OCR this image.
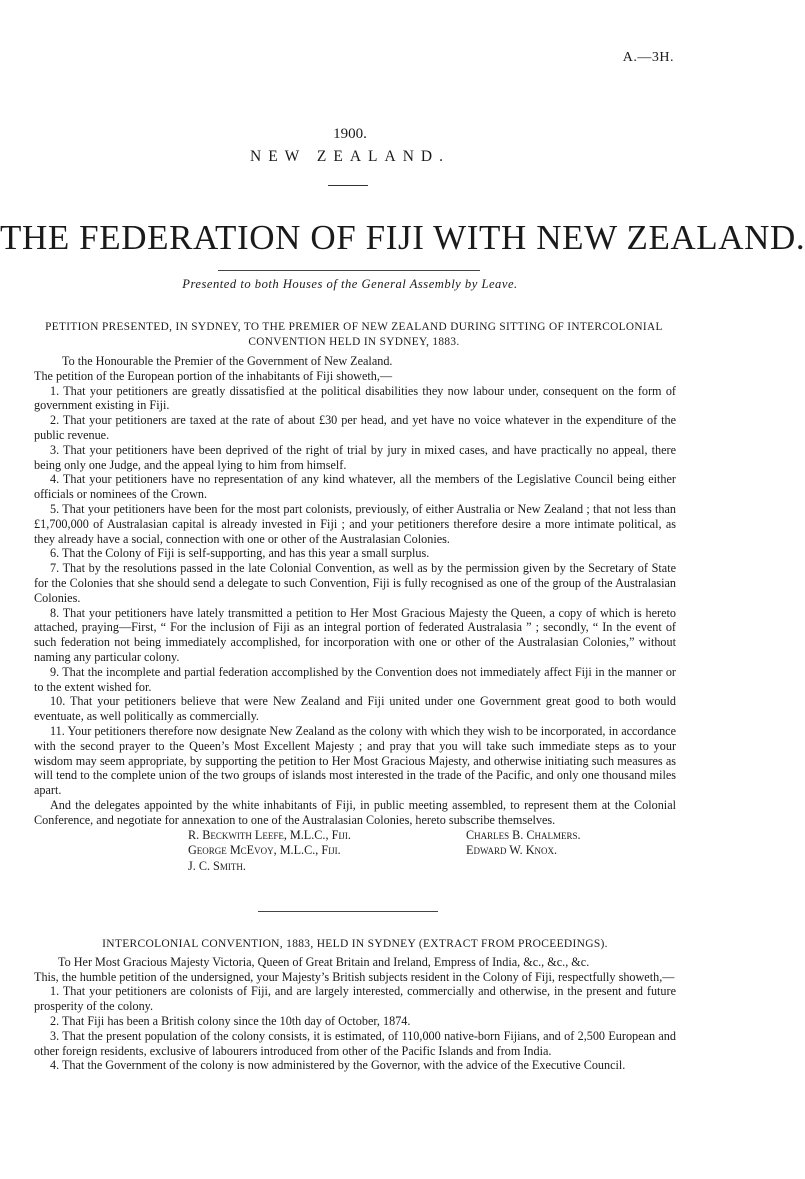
A.—3H.
1900.
NEW ZEALAND.
THE FEDERATION OF FIJI WITH NEW ZEALAND.
Presented to both Houses of the General Assembly by Leave.
PETITION PRESENTED, IN SYDNEY, TO THE PREMIER OF NEW ZEALAND DURING SITTING OF INTERCOLONIAL CONVENTION HELD IN SYDNEY, 1883.

To the Honourable the Premier of the Government of New Zealand.

The petition of the European portion of the inhabitants of Fiji showeth,—

1. That your petitioners are greatly dissatisfied at the political disabilities they now labour under, consequent on the form of government existing in Fiji.

2. That your petitioners are taxed at the rate of about £30 per head, and yet have no voice whatever in the expenditure of the public revenue.

3. That your petitioners have been deprived of the right of trial by jury in mixed cases, and have practically no appeal, there being only one Judge, and the appeal lying to him from himself.

4. That your petitioners have no representation of any kind whatever, all the members of the Legislative Council being either officials or nominees of the Crown.

5. That your petitioners have been for the most part colonists, previously, of either Australia or New Zealand ; that not less than £1,700,000 of Australasian capital is already invested in Fiji ; and your petitioners therefore desire a more intimate political, as they already have a social, connection with one or other of the Australasian Colonies.

6. That the Colony of Fiji is self-supporting, and has this year a small surplus.

7. That by the resolutions passed in the late Colonial Convention, as well as by the permission given by the Secretary of State for the Colonies that she should send a delegate to such Convention, Fiji is fully recognised as one of the group of the Australasian Colonies.

8. That your petitioners have lately transmitted a petition to Her Most Gracious Majesty the Queen, a copy of which is hereto attached, praying—First, “ For the inclusion of Fiji as an integral portion of federated Australasia ” ; secondly, “ In the event of such federation not being immediately accomplished, for incorporation with one or other of the Australasian Colonies,” without naming any particular colony.

9. That the incomplete and partial federation accomplished by the Convention does not immediately affect Fiji in the manner or to the extent wished for.

10. That your petitioners believe that were New Zealand and Fiji united under one Government great good to both would eventuate, as well politically as commercially.

11. Your petitioners therefore now designate New Zealand as the colony with which they wish to be incorporated, in accordance with the second prayer to the Queen’s Most Excellent Majesty ; and pray that you will take such immediate steps as to your wisdom may seem appropriate, by supporting the petition to Her Most Gracious Majesty, and otherwise initiating such measures as will tend to the complete union of the two groups of islands most interested in the trade of the Pacific, and only one thousand miles apart.

And the delegates appointed by the white inhabitants of Fiji, in public meeting assembled, to represent them at the Colonial Conference, and negotiate for annexation to one of the Australasian Colonies, hereto subscribe themselves.

R. Beckwith Leefe, M.L.C., Fiji.
George McEvoy, M.L.C., Fiji.
J. C. Smith.
Charles B. Chalmers.
Edward W. Knox.

INTERCOLONIAL CONVENTION, 1883, HELD IN SYDNEY (EXTRACT FROM PROCEEDINGS).

To Her Most Gracious Majesty Victoria, Queen of Great Britain and Ireland, Empress of India, &c., &c., &c.

This, the humble petition of the undersigned, your Majesty’s British subjects resident in the Colony of Fiji, respectfully showeth,—

1. That your petitioners are colonists of Fiji, and are largely interested, commercially and otherwise, in the present and future prosperity of the colony.

2. That Fiji has been a British colony since the 10th day of October, 1874.

3. That the present population of the colony consists, it is estimated, of 110,000 native-born Fijians, and of 2,500 European and other foreign residents, exclusive of labourers introduced from other of the Pacific Islands and from India.

4. That the Government of the colony is now administered by the Governor, with the advice of the Executive Council.
